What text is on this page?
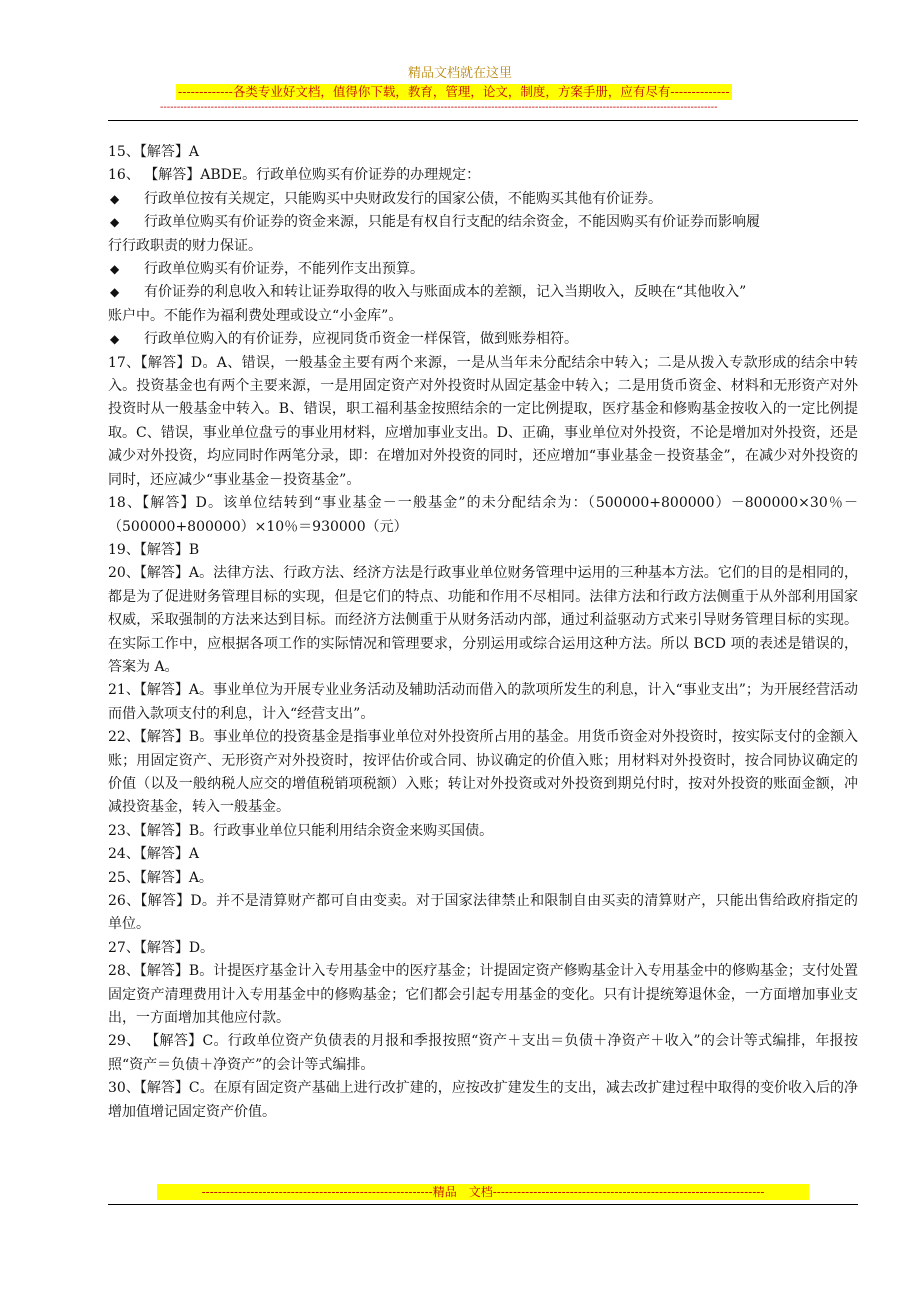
精品文档就在这里
-------------各类专业好文档，值得你下载，教育，管理，论文，制度，方案手册，应有尽有--------------
---------------------------------------------------------------------------------------------------------------------------------------------------------------------

15、【解答】A

16、 【解答】ABDE。行政单位购买有价证券的办理规定：

◆	行政单位按有关规定，只能购买中央财政发行的国家公债，不能购买其他有价证券。
◆	行政单位购买有价证券的资金来源，只能是有权自行支配的结余资金，不能因购买有价证券而影响履
行行政职责的财力保证。
◆	行政单位购买有价证券，不能列作支出预算。
◆	有价证券的利息收入和转让证券取得的收入与账面成本的差额，记入当期收入，反映在“其他收入”
账户中。不能作为福利费处理或设立“小金库”。
◆	行政单位购入的有价证券，应视同货币资金一样保管，做到账券相符。

17、【解答】D。A、错误，一般基金主要有两个来源，一是从当年未分配结余中转入；二是从拨入专款形成的结余中转入。投资基金也有两个主要来源，一是用固定资产对外投资时从固定基金中转入；二是用货币资金、材料和无形资产对外投资时从一般基金中转入。B、错误，职工福利基金按照结余的一定比例提取，医疗基金和修购基金按收入的一定比例提取。C、错误，事业单位盘亏的事业用材料，应增加事业支出。D、正确，事业单位对外投资，不论是增加对外投资，还是减少对外投资，均应同时作两笔分录，即：在增加对外投资的同时，还应增加“事业基金－投资基金”，在减少对外投资的同时，还应减少“事业基金－投资基金”。

18、【解答】D。该单位结转到“事业基金－一般基金”的未分配结余为：（500000+800000）－800000×30％－（500000+800000）×10％＝930000（元）

19、【解答】B

20、【解答】A。法律方法、行政方法、经济方法是行政事业单位财务管理中运用的三种基本方法。它们的目的是相同的，都是为了促进财务管理目标的实现，但是它们的特点、功能和作用不尽相同。法律方法和行政方法侧重于从外部利用国家权威，采取强制的方法来达到目标。而经济方法侧重于从财务活动内部，通过利益驱动方式来引导财务管理目标的实现。在实际工作中，应根据各项工作的实际情况和管理要求，分别运用或综合运用这种方法。所以 BCD 项的表述是错误的，答案为 A。

21、【解答】A。事业单位为开展专业业务活动及辅助活动而借入的款项所发生的利息，计入“事业支出”；为开展经营活动而借入款项支付的利息，计入“经营支出”。

22、【解答】B。事业单位的投资基金是指事业单位对外投资所占用的基金。用货币资金对外投资时，按实际支付的金额入账；用固定资产、无形资产对外投资时，按评估价或合同、协议确定的价值入账；用材料对外投资时，按合同协议确定的价值（以及一般纳税人应交的增值税销项税额）入账；转让对外投资或对外投资到期兑付时，按对外投资的账面金额，冲减投资基金，转入一般基金。

23、【解答】B。行政事业单位只能利用结余资金来购买国债。

24、【解答】A

25、【解答】A。

26、【解答】D。并不是清算财产都可自由变卖。对于国家法律禁止和限制自由买卖的清算财产，只能出售给政府指定的单位。

27、【解答】D。

28、【解答】B。计提医疗基金计入专用基金中的医疗基金；计提固定资产修购基金计入专用基金中的修购基金；支付处置固定资产清理费用计入专用基金中的修购基金；它们都会引起专用基金的变化。只有计提统筹退休金，一方面增加事业支出，一方面增加其他应付款。

29、 【解答】C。行政单位资产负债表的月报和季报按照“资产＋支出＝负债＋净资产＋收入”的会计等式编排，年报按照“资产＝负债＋净资产”的会计等式编排。

30、【解答】C。在原有固定资产基础上进行改扩建的，应按改扩建发生的支出，减去改扩建过程中取得的变价收入后的净增加值增记固定资产价值。

---------------------------------------------------------精品　文档-------------------------------------------------------------------
